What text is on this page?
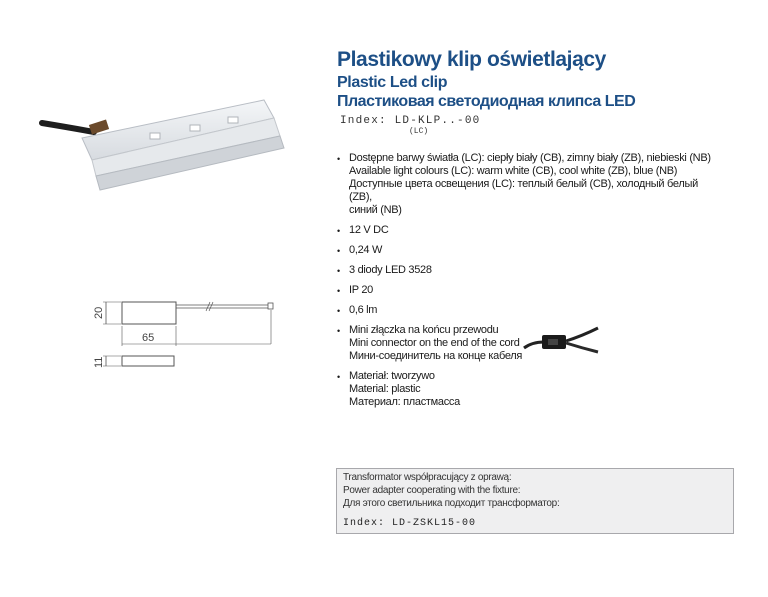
Plastikowy klip oświetlający
Plastic Led clip
Пластиковая светодиодная клипса LED
Index: LD-KLP..-00
(LC)
• Dostępne barwy światła (LC): ciepły biały (CB), zimny biały (ZB), niebieski (NB)
Available light colours (LC): warm white (CB), cool white (ZB), blue (NB)
Доступные цвета освещения (LC): теплый белый (CB), холодный белый (ZB),
синий (NB)
• 12 V DC
• 0,24 W
• 3 diody LED 3528
• IP 20
• 0,6 lm
• Mini złączka na końcu przewodu
Mini connector on the end of the cord
Мини-соединитель на конце кабеля
• Materiał: tworzywo
Material: plastic
Материал: пластмасса
20
65
11
Transformator współpracujący z oprawą:
Power adapter cooperating with the fixture:
Для этого светильника подходит трансформатор:
Index: LD-ZSKL15-00
